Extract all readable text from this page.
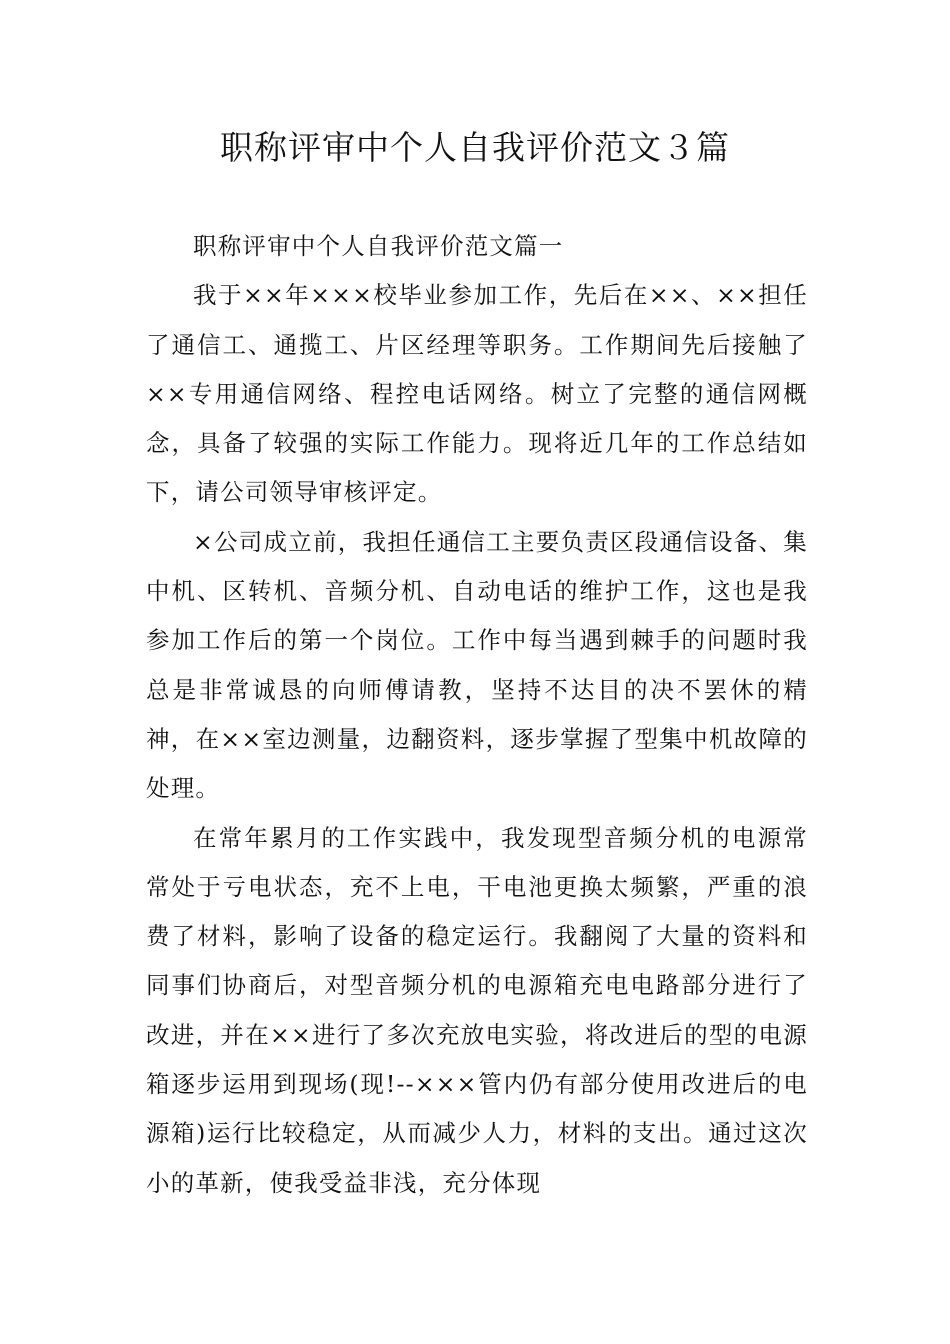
职称评审中个人自我评价范文３篇

职称评审中个人自我评价范文篇一

我于××年×××校毕业参加工作，先后在××、××担任了通信工、通揽工、片区经理等职务。工作期间先后接触了××专用通信网络、程控电话网络。树立了完整的通信网概念，具备了较强的实际工作能力。现将近几年的工作总结如下，请公司领导审核评定。

×公司成立前，我担任通信工主要负责区段通信设备、集中机、区转机、音频分机、自动电话的维护工作，这也是我参加工作后的第一个岗位。工作中每当遇到棘手的问题时我总是非常诚恳的向师傅请教，坚持不达目的决不罢休的精神，在××室边测量，边翻资料，逐步掌握了型集中机故障的处理。

在常年累月的工作实践中，我发现型音频分机的电源常常处于亏电状态，充不上电，干电池更换太频繁，严重的浪费了材料，影响了设备的稳定运行。我翻阅了大量的资料和同事们协商后，对型音频分机的电源箱充电电路部分进行了改进，并在××进行了多次充放电实验，将改进后的型的电源箱逐步运用到现场(现!--×××管内仍有部分使用改进后的电源箱)运行比较稳定，从而减少人力，材料的支出。通过这次小的革新，使我受益非浅，充分体现
